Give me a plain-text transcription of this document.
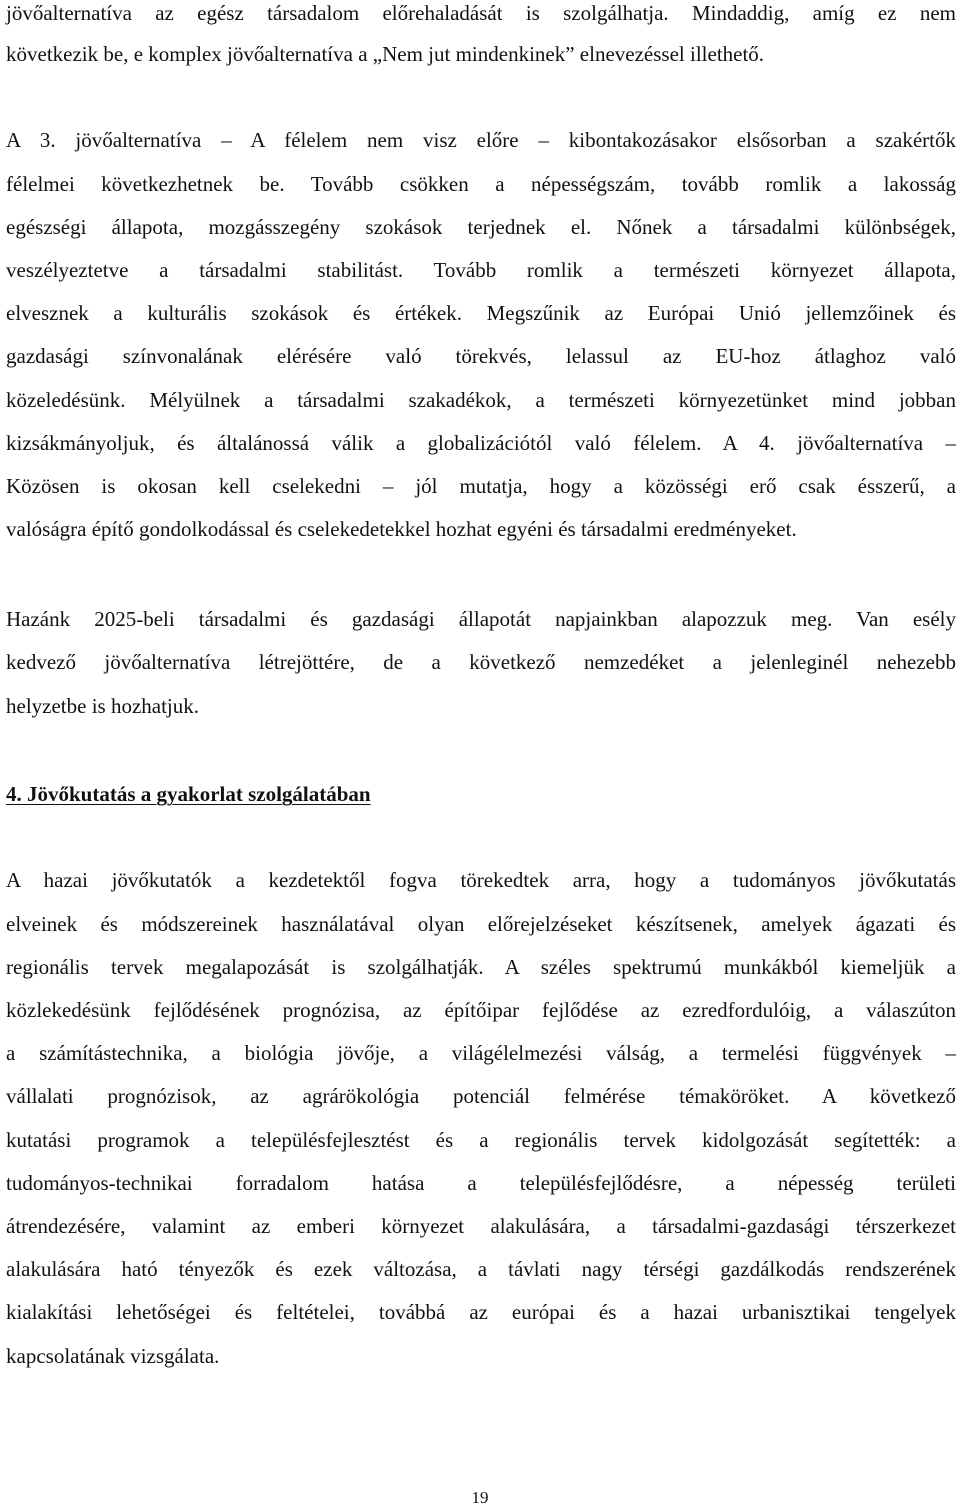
jövőalternatíva az egész társadalom előrehaladását is szolgálhatja. Mindaddig, amíg ez nem
következik be, e komplex jövőalternatíva a „Nem jut mindenkinek” elnevezéssel illethető.
A 3. jövőalternatíva – A félelem nem visz előre – kibontakozásakor elsősorban a szakértők
félelmei következhetnek be. Tovább csökken a népességszám, tovább romlik a lakosság
egészségi állapota, mozgásszegény szokások terjednek el. Nőnek a társadalmi különbségek,
veszélyeztetve a társadalmi stabilitást. Tovább romlik a természeti környezet állapota,
elvesznek a kulturális szokások és értékek. Megszűnik az Európai Unió jellemzőinek és
gazdasági színvonalának elérésére való törekvés, lelassul az EU-hoz átlaghoz való
közeledésünk. Mélyülnek a társadalmi szakadékok, a természeti környezetünket mind jobban
kizsákmányoljuk, és általánossá válik a globalizációtól való félelem. A 4. jövőalternatíva –
Közösen is okosan kell cselekedni – jól mutatja, hogy a közösségi erő csak ésszerű, a
valóságra építő gondolkodással és cselekedetekkel hozhat egyéni és társadalmi eredményeket.
Hazánk 2025-beli társadalmi és gazdasági állapotát napjainkban alapozzuk meg. Van esély
kedvező jövőalternatíva létrejöttére, de a következő nemzedéket a jelenleginél nehezebb
helyzetbe is hozhatjuk.
4. Jövőkutatás a gyakorlat szolgálatában
A hazai jövőkutatók a kezdetektől fogva törekedtek arra, hogy a tudományos jövőkutatás
elveinek és módszereinek használatával olyan előrejelzéseket készítsenek, amelyek ágazati és
regionális tervek megalapozását is szolgálhatják. A széles spektrumú munkákból kiemeljük a
közlekedésünk fejlődésének prognózisa, az építőipar fejlődése az ezredfordulóig, a válaszúton
a számítástechnika, a biológia jövője, a világélelmezési válság, a termelési függvények –
vállalati prognózisok, az agrárökológia potenciál felmérése témaköröket. A következő
kutatási programok a településfejlesztést és a regionális tervek kidolgozását segítették: a
tudományos-technikai forradalom hatása a településfejlődésre, a népesség területi
átrendezésére, valamint az emberi környezet alakulására, a társadalmi-gazdasági térszerkezet
alakulására ható tényezők és ezek változása, a távlati nagy térségi gazdálkodás rendszerének
kialakítási lehetőségei és feltételei, továbbá az európai és a hazai urbanisztikai tengelyek
kapcsolatának vizsgálata.
19
